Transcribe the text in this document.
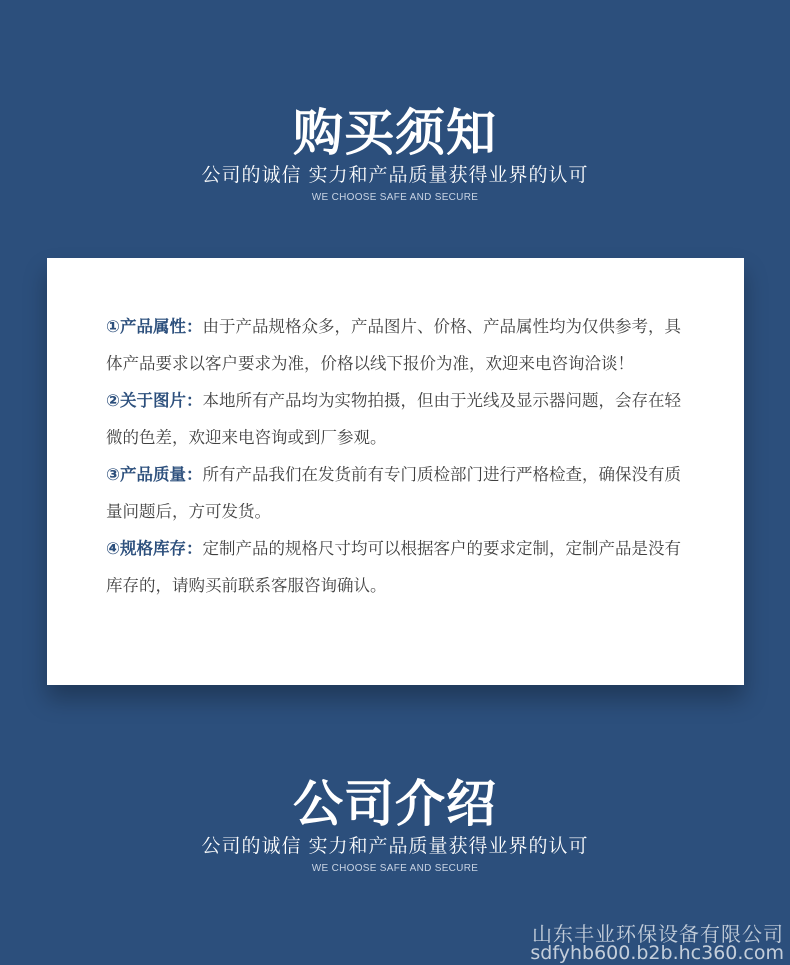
购买须知
公司的诚信 实力和产品质量获得业界的认可
WE CHOOSE SAFE AND SECURE

①产品属性：由于产品规格众多，产品图片、价格、产品属性均为仅供参考，具体产品要求以客户要求为准，价格以线下报价为准，欢迎来电咨询洽谈！

②关于图片：本地所有产品均为实物拍摄，但由于光线及显示器问题，会存在轻微的色差，欢迎来电咨询或到厂参观。

③产品质量：所有产品我们在发货前有专门质检部门进行严格检查，确保没有质量问题后，方可发货。

④规格库存：定制产品的规格尺寸均可以根据客户的要求定制，定制产品是没有库存的，请购买前联系客服咨询确认。

公司介绍
公司的诚信 实力和产品质量获得业界的认可
WE CHOOSE SAFE AND SECURE
山东丰业环保设备有限公司
sdfyhb600.b2b.hc360.com
